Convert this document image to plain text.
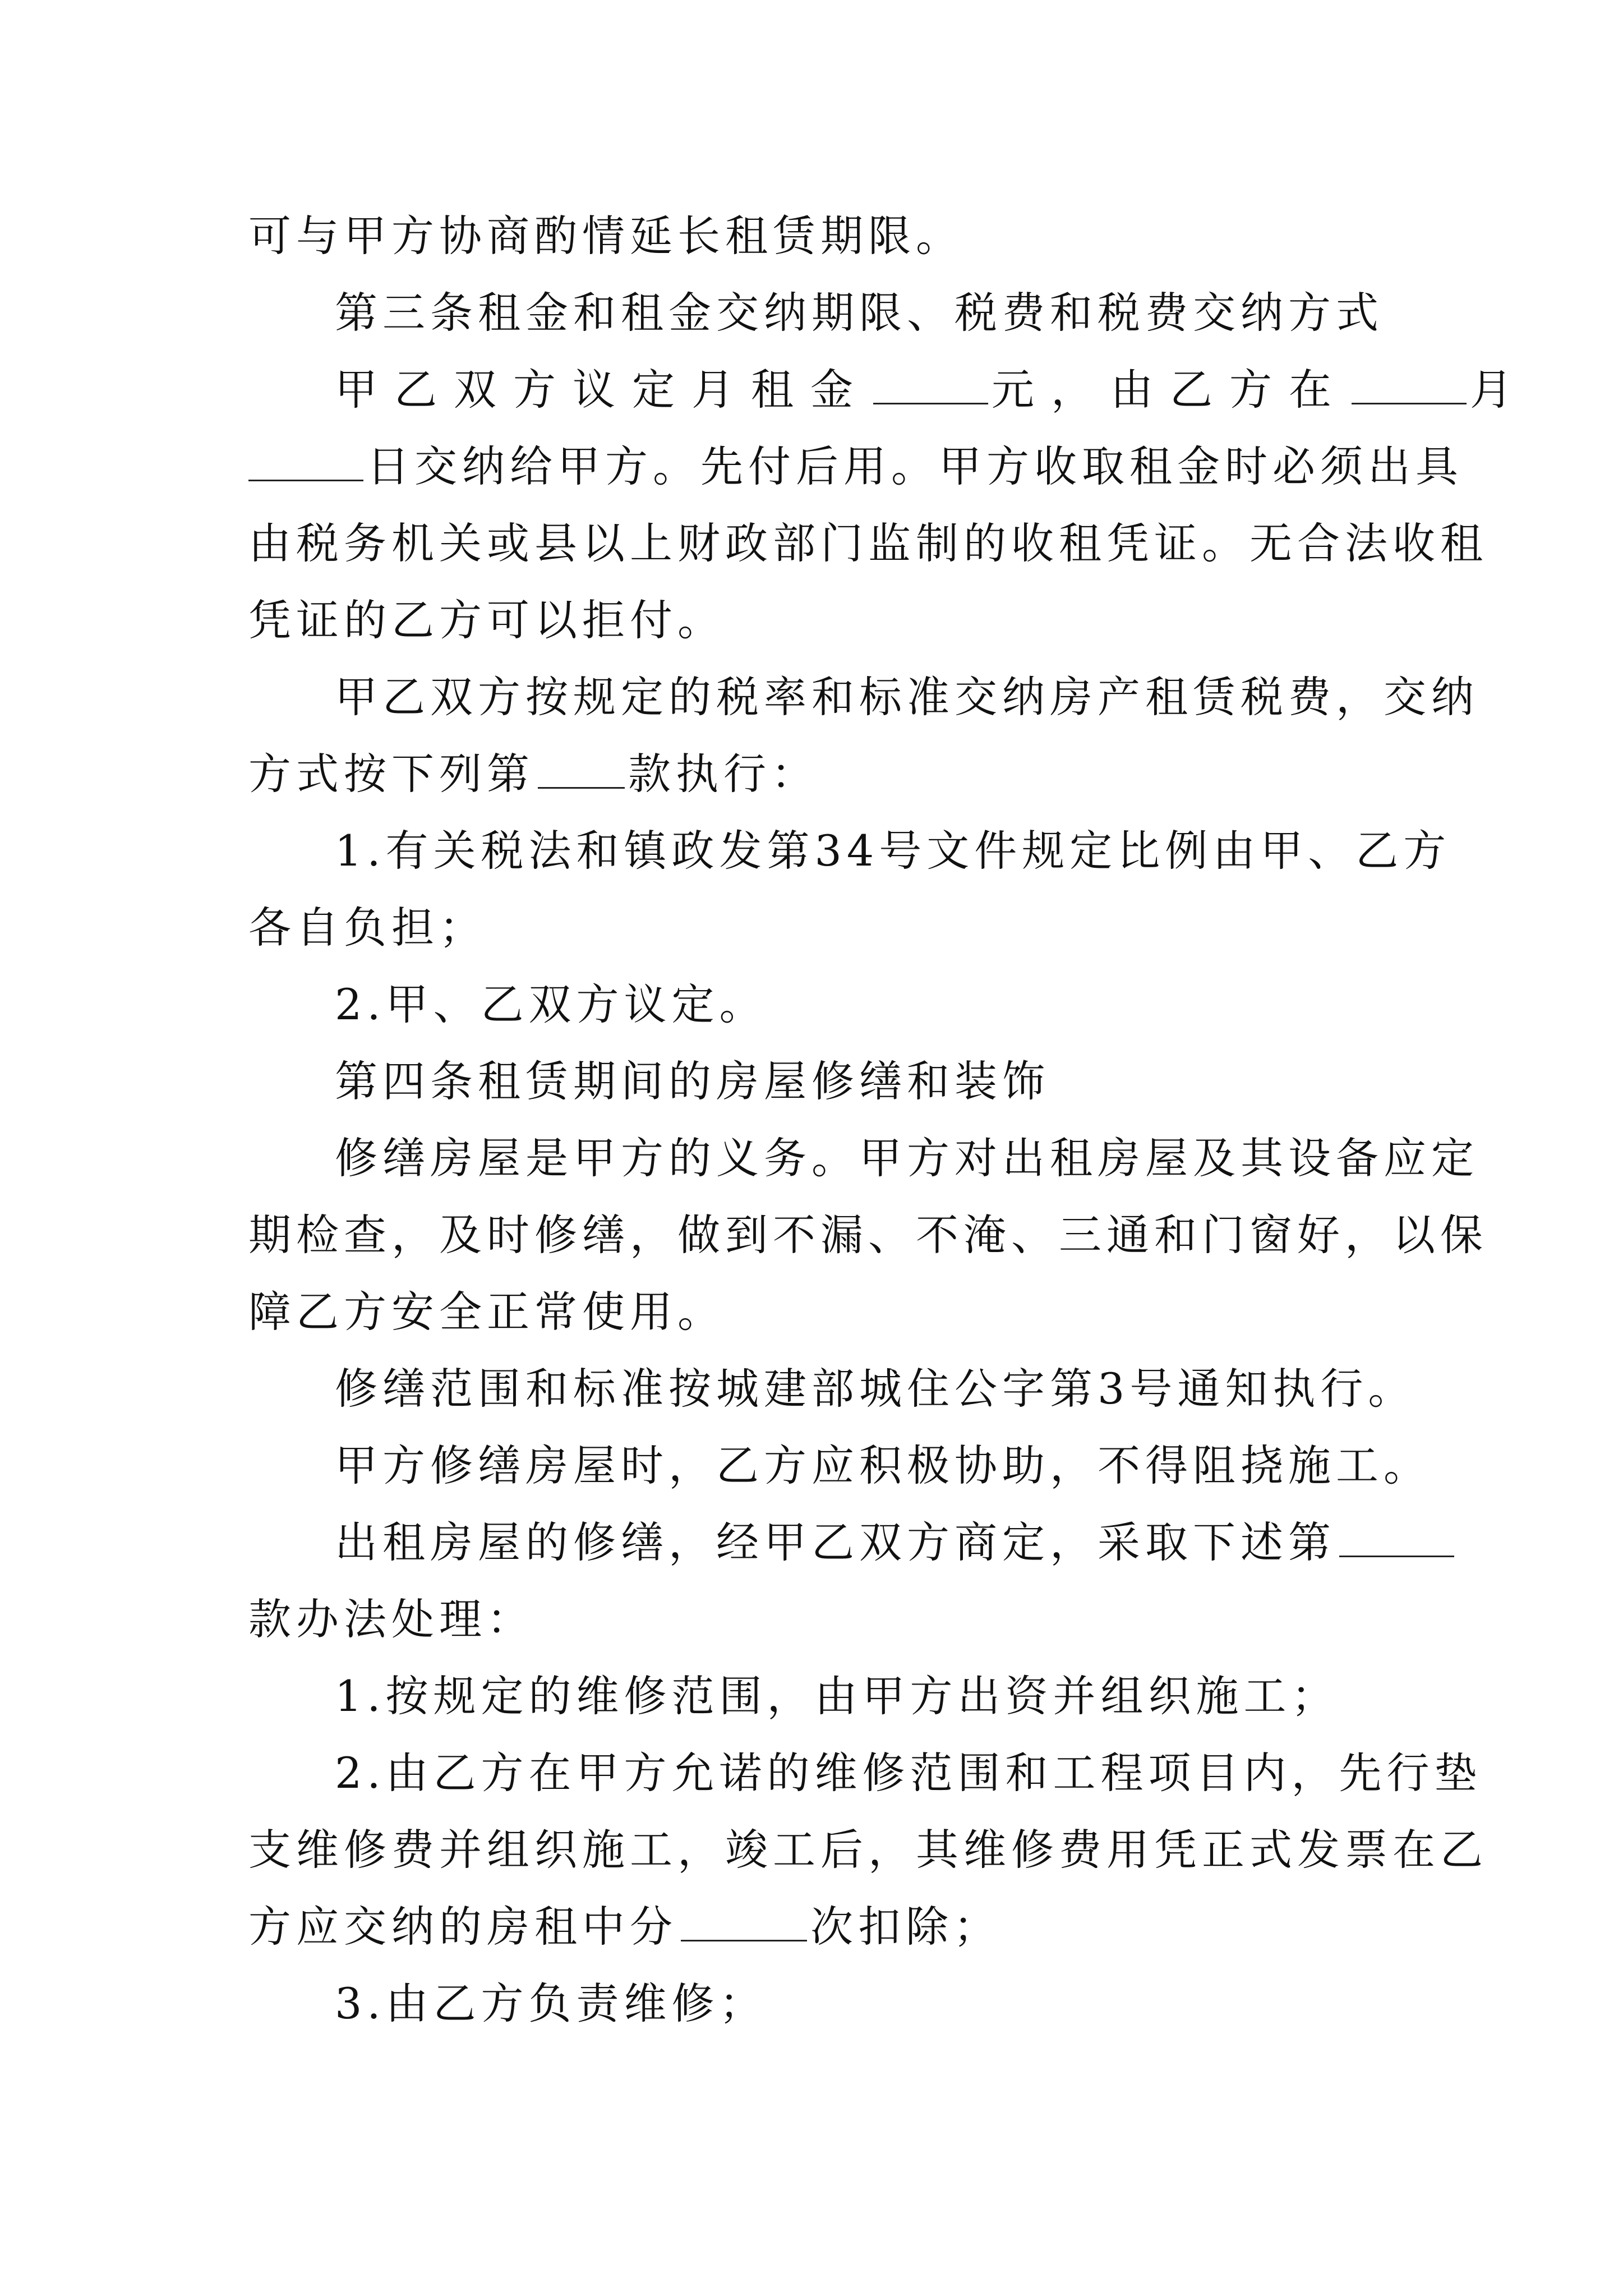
可与甲方协商酌情延长租赁期限。
第三条租金和租金交纳期限、税费和税费交纳方式
甲乙双方议定月租金	元，由乙方在	月
日交纳给甲方。先付后用。甲方收取租金时必须出具
由税务机关或县以上财政部门监制的收租凭证。无合法收租
凭证的乙方可以拒付。
甲乙双方按规定的税率和标准交纳房产租赁税费，交纳
方式按下列第 款执行：
1.有关税法和镇政发第34号文件规定比例由甲、乙方
各自负担；
2.甲、乙双方议定。
第四条租赁期间的房屋修缮和装饰
修缮房屋是甲方的义务。甲方对出租房屋及其设备应定
期检查，及时修缮，做到不漏、不淹、三通和门窗好，以保
障乙方安全正常使用。
修缮范围和标准按城建部城住公字第3号通知执行。
甲方修缮房屋时，乙方应积极协助，不得阻挠施工。
出租房屋的修缮，经甲乙双方商定，采取下述第
款办法处理：
1.按规定的维修范围，由甲方出资并组织施工；
2.由乙方在甲方允诺的维修范围和工程项目内，先行垫
支维修费并组织施工，竣工后，其维修费用凭正式发票在乙
方应交纳的房租中分	次扣除；
3.由乙方负责维修；
